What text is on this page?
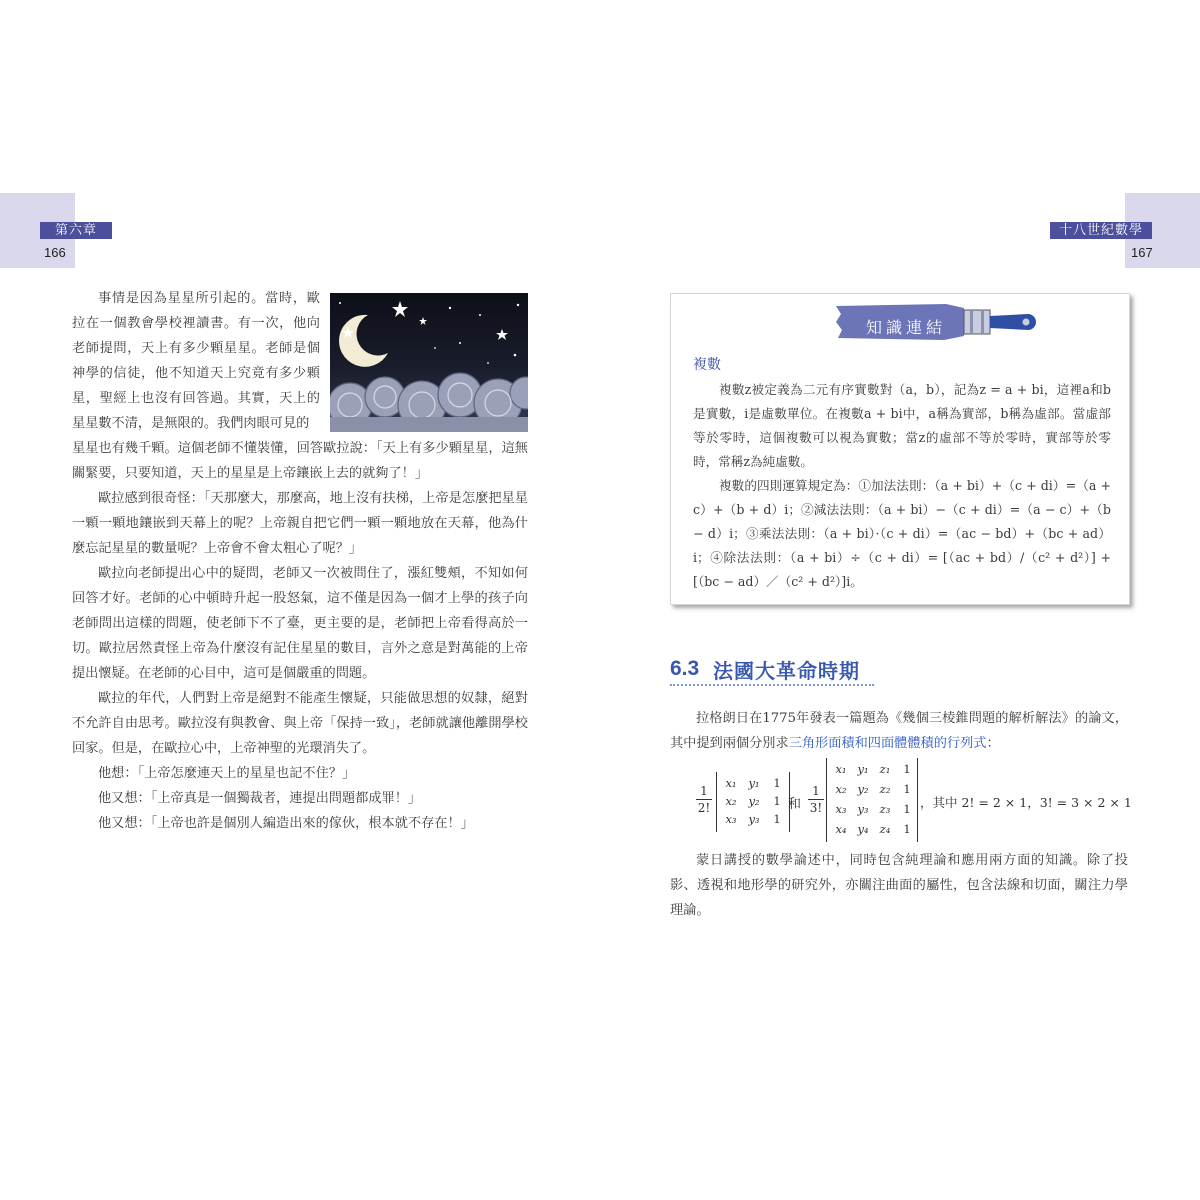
第六章
166
十八世紀數學
167

事情是因為星星所引起的。當時，歐拉在一個教會學校裡讀書。有一次，他向老師提問，天上有多少顆星星。老師是個神學的信徒，他不知道天上究竟有多少顆星，聖經上也沒有回答過。其實，天上的星星數不清，是無限的。我們肉眼可見的

星星也有幾千顆。這個老師不懂裝懂，回答歐拉說：「天上有多少顆星星，這無關緊要，只要知道，天上的星星是上帝鑲嵌上去的就夠了！」

歐拉感到很奇怪：「天那麼大，那麼高，地上沒有扶梯，上帝是怎麼把星星一顆一顆地鑲嵌到天幕上的呢？上帝親自把它們一顆一顆地放在天幕，他為什麼忘記星星的數量呢？上帝會不會太粗心了呢？」

歐拉向老師提出心中的疑問，老師又一次被問住了，漲紅雙頰，不知如何回答才好。老師的心中頓時升起一股怒氣，這不僅是因為一個才上學的孩子向老師問出這樣的問題，使老師下不了臺，更主要的是，老師把上帝看得高於一切。歐拉居然責怪上帝為什麼沒有記住星星的數目，言外之意是對萬能的上帝提出懷疑。在老師的心目中，這可是個嚴重的問題。

歐拉的年代，人們對上帝是絕對不能產生懷疑，只能做思想的奴隸，絕對不允許自由思考。歐拉沒有與教會、與上帝「保持一致」，老師就讓他離開學校回家。但是，在歐拉心中，上帝神聖的光環消失了。

他想：「上帝怎麼連天上的星星也記不住？」

他又想：「上帝真是一個獨裁者，連提出問題都成罪！」

他又想：「上帝也許是個別人編造出來的傢伙，根本就不存在！」

知識連結
複數

複數z被定義為二元有序實數對（a，b），記為z = a + bi，這裡a和b是實數，i是虛數單位。在複數a + bi中，a稱為實部，b稱為虛部。當虛部等於零時，這個複數可以視為實數；當z的虛部不等於零時，實部等於零時，常稱z為純虛數。

複數的四則運算規定為：①加法法則：（a + bi）+（c + di）=（a + c）+（b + d）i；②減法法則：（a + bi）−（c + di）=（a − c）+（b − d）i；③乘法法則：（a + bi）·（c + di）=（ac − bd）+（bc + ad）i；④除法法則：（a + bi）÷（c + di）= [（ac + bd）/（c² + d²）] + [（bc − ad）／（c² + d²）]i。

6.3 法國大革命時期

拉格朗日在1775年發表一篇題為《幾個三棱錐問題的解析解法》的論文，其中提到兩個分別求三角形面積和四面體體積的行列式：

1
2!
x₁	y₁	1
x₂	y₂	1
x₃	y₃	1
和
1
3!
x₁ y₁ z₁	1
x₂ y₂ z₂	1
x₃ y₃ z₃	1
x₄ y₄ z₄	1
，其中 2! = 2 × 1，3! = 3 × 2 × 1

蒙日講授的數學論述中，同時包含純理論和應用兩方面的知識。除了投影、透視和地形學的研究外，亦關注曲面的屬性，包含法線和切面，關注力學理論。
